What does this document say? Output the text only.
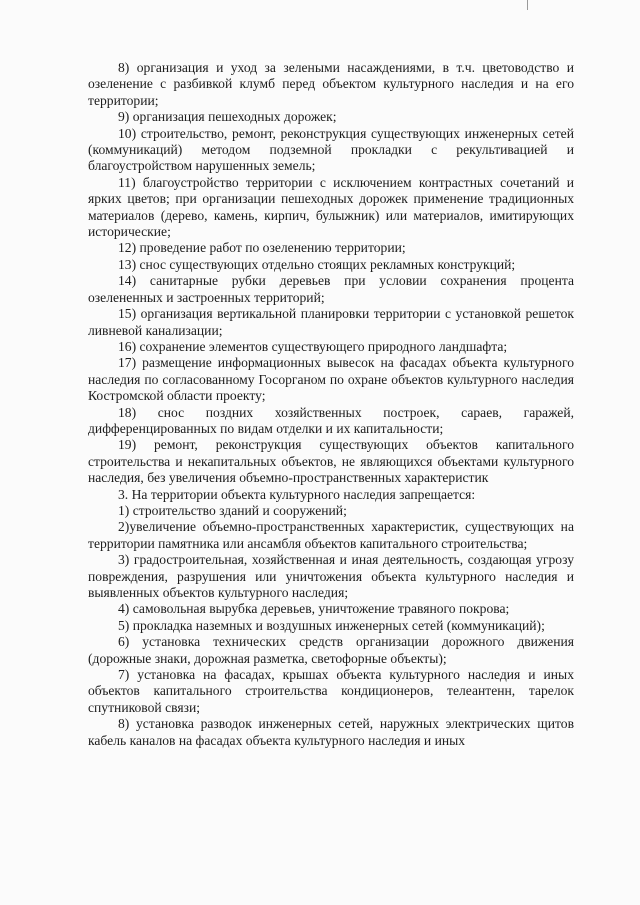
8) организация и уход за зелеными насаждениями, в т.ч. цветоводство и озеленение с разбивкой клумб перед объектом культурного наследия и на его территории;

9) организация пешеходных дорожек;

10) строительство, ремонт, реконструкция существующих инженерных сетей (коммуникаций) методом подземной прокладки с рекультивацией и благоустройством нарушенных земель;

11) благоустройство территории с исключением контрастных сочетаний и ярких цветов; при организации пешеходных дорожек применение традиционных материалов (дерево, камень, кирпич, булыжник) или материалов, имитирующих исторические;

12) проведение работ по озеленению территории;

13) снос существующих отдельно стоящих рекламных конструкций;

14) санитарные рубки деревьев при условии сохранения процента озелененных и застроенных территорий;

15) организация вертикальной планировки территории с установкой решеток ливневой канализации;

16) сохранение элементов существующего природного ландшафта;

17) размещение информационных вывесок на фасадах объекта культурного наследия по согласованному Госорганом по охране объектов культурного наследия Костромской области проекту;

18) снос поздних хозяйственных построек, сараев, гаражей, дифференцированных по видам отделки и их капитальности;

19) ремонт, реконструкция существующих объектов капитального строительства и некапитальных объектов, не являющихся объектами культурного наследия, без увеличения объемно-пространственных характеристик

3. На территории объекта культурного наследия запрещается:

1) строительство зданий и сооружений;

2)увеличение объемно-пространственных характеристик, существующих на территории памятника или ансамбля объектов капитального строительства;

3) градостроительная, хозяйственная и иная деятельность, создающая угрозу повреждения, разрушения или уничтожения объекта культурного наследия и выявленных объектов культурного наследия;

4) самовольная вырубка деревьев, уничтожение травяного покрова;

5) прокладка наземных и воздушных инженерных сетей (коммуникаций);

6) установка технических средств организации дорожного движения (дорожные знаки, дорожная разметка, светофорные объекты);

7) установка на фасадах, крышах объекта культурного наследия и иных объектов капитального строительства кондиционеров, телеантенн, тарелок спутниковой связи;

8) установка разводок инженерных сетей, наружных электрических щитов кабель каналов на фасадах объекта культурного наследия и иных
